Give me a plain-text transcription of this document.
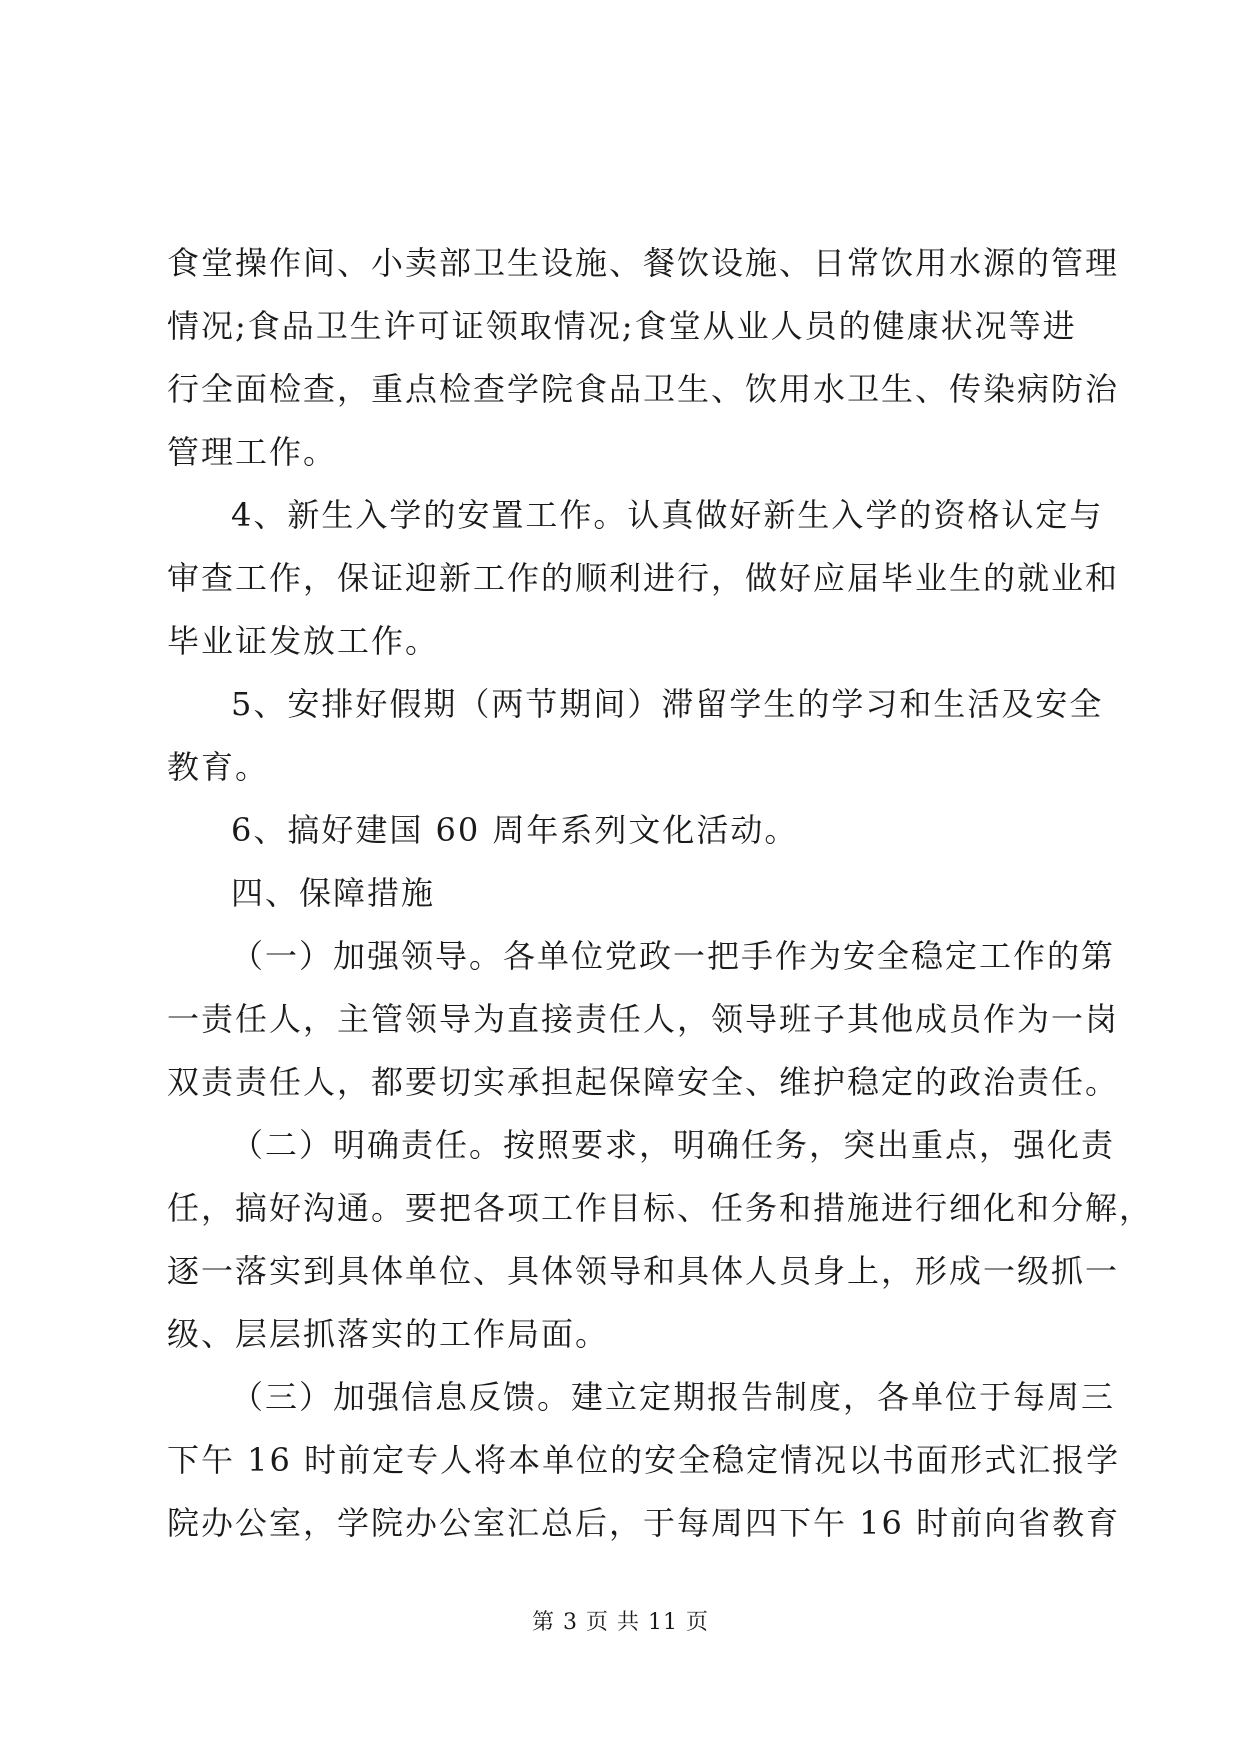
食堂操作间、小卖部卫生设施、餐饮设施、日常饮用水源的管理
情况;食品卫生许可证领取情况;食堂从业人员的健康状况等进
行全面检查，重点检查学院食品卫生、饮用水卫生、传染病防治
管理工作。
4、新生入学的安置工作。认真做好新生入学的资格认定与
审查工作，保证迎新工作的顺利进行，做好应届毕业生的就业和
毕业证发放工作。
5、安排好假期（两节期间）滞留学生的学习和生活及安全
教育。
6、搞好建国 60 周年系列文化活动。
四、保障措施
（一）加强领导。各单位党政一把手作为安全稳定工作的第
一责任人，主管领导为直接责任人，领导班子其他成员作为一岗
双责责任人，都要切实承担起保障安全、维护稳定的政治责任。
（二）明确责任。按照要求，明确任务，突出重点，强化责
任，搞好沟通。要把各项工作目标、任务和措施进行细化和分解，
逐一落实到具体单位、具体领导和具体人员身上，形成一级抓一
级、层层抓落实的工作局面。
（三）加强信息反馈。建立定期报告制度，各单位于每周三
下午 16 时前定专人将本单位的安全稳定情况以书面形式汇报学
院办公室，学院办公室汇总后，于每周四下午 16 时前向省教育
第 3 页 共 11 页
